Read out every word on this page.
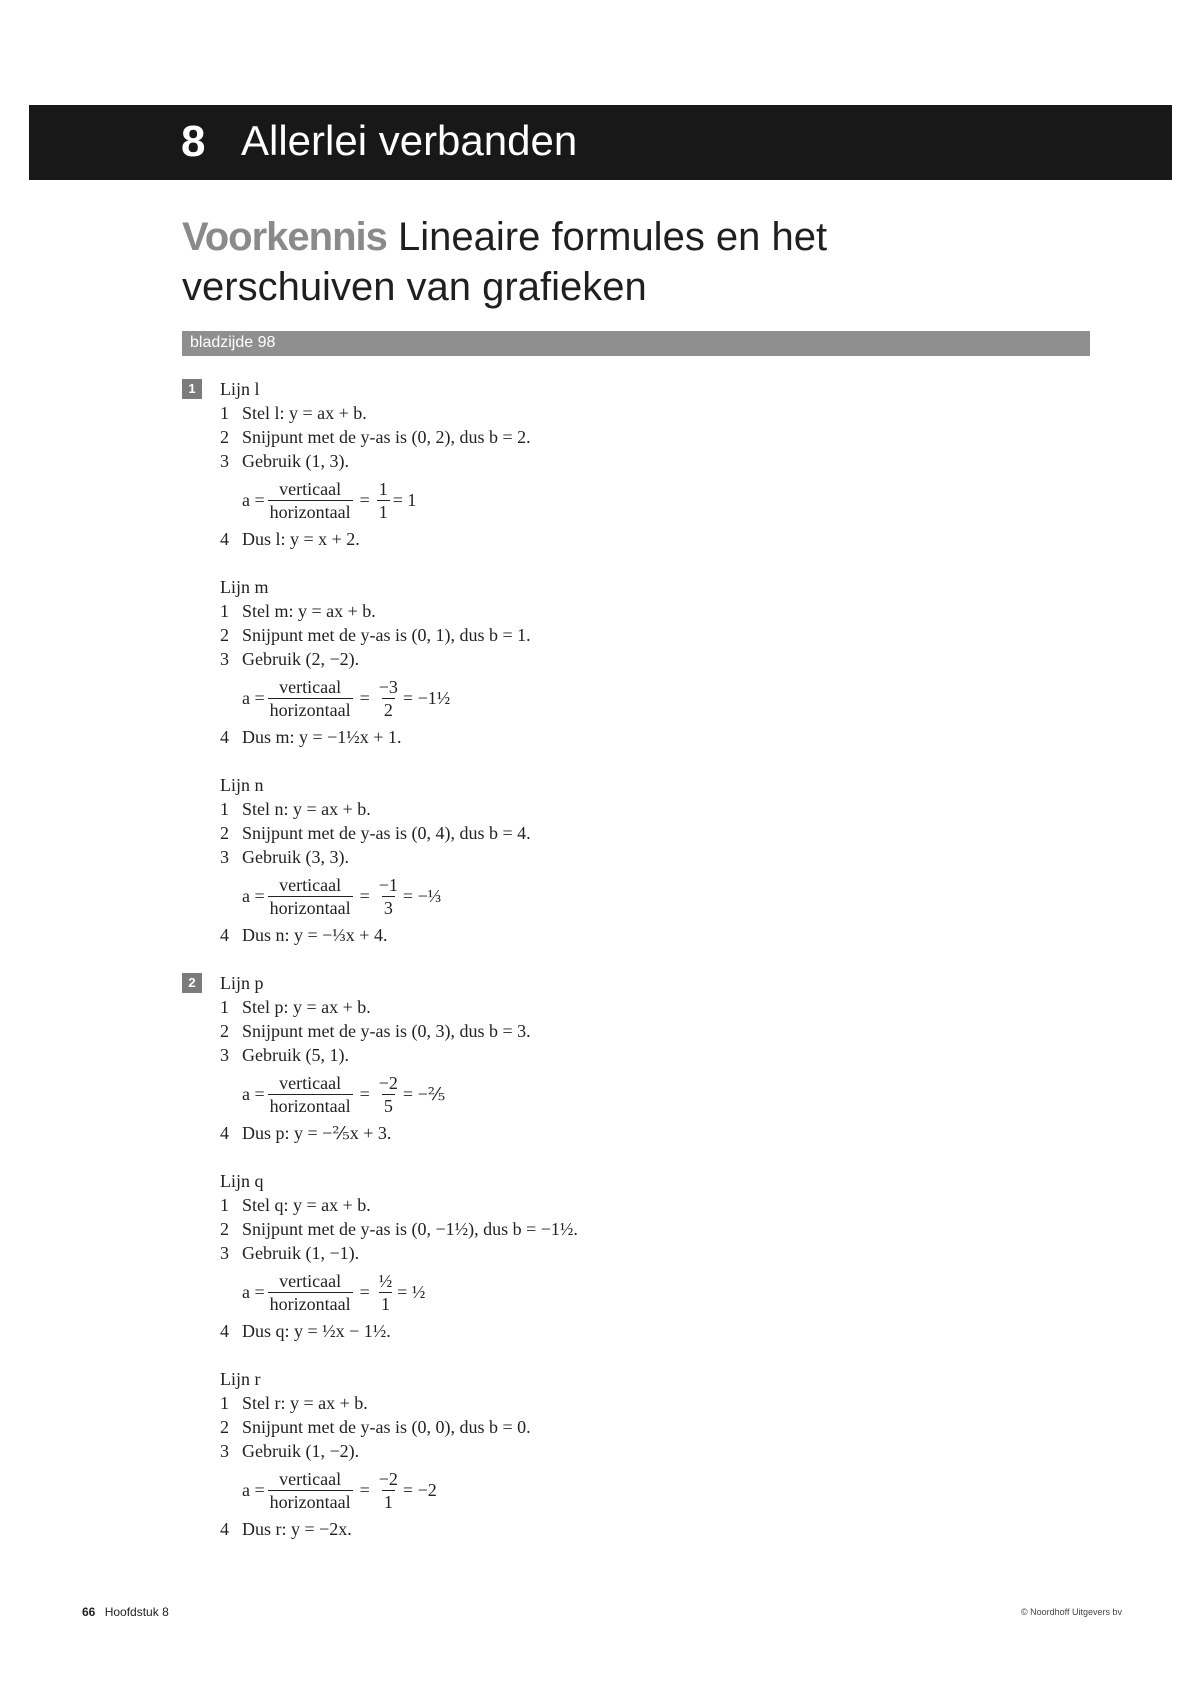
8 Allerlei verbanden
Voorkennis Lineaire formules en het
verschuiven van grafieken
bladzijde 98
1	Lijn l
1 Stel l: y = ax + b.
2 Snijpunt met de y-as is (0, 2), dus b = 2.
3 Gebruik (1, 3).
$a = \frac{\text{verticaal}}{\text{horizontaal}} = \frac{1}{1} = 1$
4 Dus l: y = x + 2.
Lijn m
1 Stel m: y = ax + b.
2 Snijpunt met de y-as is (0, 1), dus b = 1.
3 Gebruik (2, −2).
$a = \frac{\text{verticaal}}{\text{horizontaal}} = \frac{-3}{2}$ = −1½
4 Dus m: y = −1½x + 1.
Lijn n
1 Stel n: y = ax + b.
2 Snijpunt met de y-as is (0, 4), dus b = 4.
3 Gebruik (3, 3).
$a = \frac{\text{verticaal}}{\text{horizontaal}} = \frac{-1}{3}$ = −⅓
4 Dus n: y = −⅓x + 4.
2	Lijn p
1 Stel p: y = ax + b.
2 Snijpunt met de y-as is (0, 3), dus b = 3.
3 Gebruik (5, 1).
$a = \frac{\text{verticaal}}{\text{horizontaal}} = \frac{-2}{5}$ = −⅖
4 Dus p: y = −⅖x + 3.
Lijn q
1 Stel q: y = ax + b.
2 Snijpunt met de y-as is (0, −1½), dus b = −1½.
3 Gebruik (1, −1).
$a = \frac{\text{verticaal}}{\text{horizontaal}} = \frac{\text{½}}{1}$ = ½
4 Dus q: y = ½x − 1½.
Lijn r
1 Stel r: y = ax + b.
2 Snijpunt met de y-as is (0, 0), dus b = 0.
3 Gebruik (1, −2).
$a = \frac{\text{verticaal}}{\text{horizontaal}} = \frac{-2}{1} = -2$
4 Dus r: y = −2x.
66 Hoofdstuk 8	© Noordhoff Uitgevers bv
